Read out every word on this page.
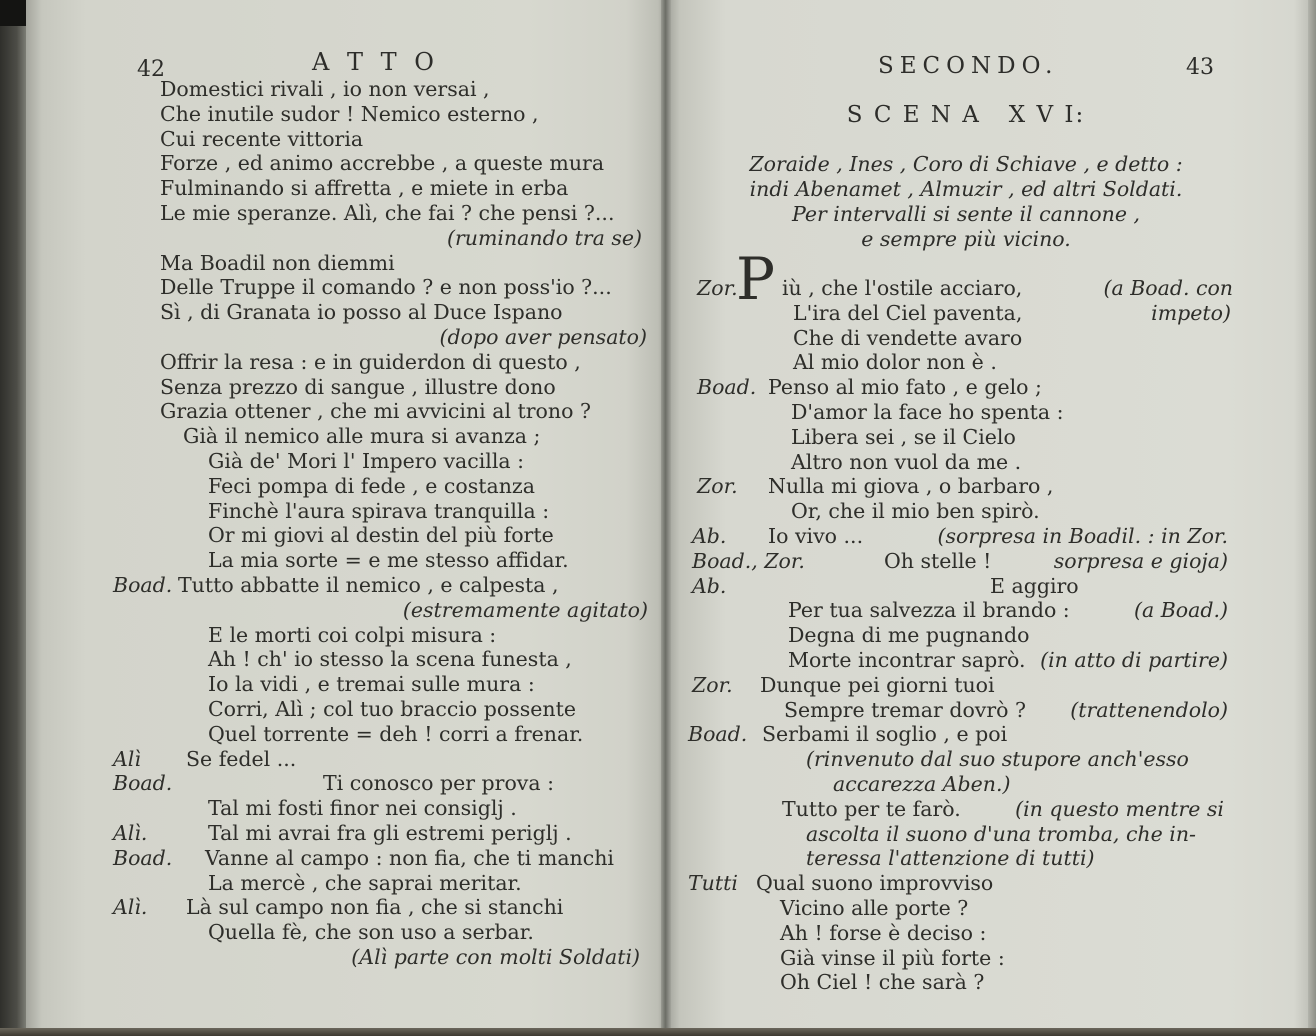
42	A T T O	SECONDO.	43
S C E N A   X V I:
Zoraide , Ines , Coro di Schiave , e detto :
indi Abenamet , Almuzir , ed altri Soldati.
Per intervalli si sente il cannone ,
e sempre più vicino.
Domestici rivali , io non versai ,
Che inutile sudor ! Nemico esterno ,
Cui recente vittoria
Forze , ed animo accrebbe , a queste mura
Fulminando si affretta , e miete in erba
Le mie speranze. Alì, che fai ? che pensi ?...
(ruminando tra se)
Ma Boadil non diemmi
Delle Truppe il comando ? e non poss'io ?...
Sì , di Granata io posso al Duce Ispano
(dopo aver pensato)
Offrir la resa : e in guiderdon di questo ,
Senza prezzo di sangue , illustre dono
Grazia ottener , che mi avvicini al trono ?
Già il nemico alle mura si avanza ;
Già de' Mori l' Impero vacilla :
Feci pompa di fede , e costanza
Finchè l'aura spirava tranquilla :
Or mi giovi al destin del più forte
La mia sorte = e me stesso affidar.
Boad. Tutto abbatte il nemico , e calpesta ,
(estremamente agitato)
E le morti coi colpi misura :
Ah ! ch' io stesso la scena funesta ,
Io la vidi , e tremai sulle mura :
Corri, Alì ; col tuo braccio possente
Quel torrente = deh ! corri a frenar.
Alì Se fedel ...
Boad.	Ti conosco per prova :
Tal mi fosti finor nei consiglj .
Alì.	Tal mi avrai fra gli estremi periglj .
Boad. Vanne al campo : non fia, che ti manchi
La mercè , che saprai meritar.
Alì. Là sul campo non fia , che si stanchi
Quella fè, che son uso a serbar.
(Alì parte con molti Soldati)
Zor.
P iù , che l'ostile acciaro,	(a Boad. con
L'ira del Ciel paventa,	impeto)
Che di vendette avaro
Al mio dolor non è .
Boad. Penso al mio fato , e gelo ;
D'amor la face ho spenta :
Libera sei , se il Cielo
Altro non vuol da me .
Zor. Nulla mi giova , o barbaro ,
Or, che il mio ben spirò.
Ab. Io vivo ...	(sorpresa in Boadil. : in Zor.
Boad., Zor.	Oh stelle !	sorpresa e gioja)
Ab.	E aggiro
Per tua salvezza il brando :	(a Boad.)
Degna di me pugnando
Morte incontrar saprò. (in atto di partire)
Zor. Dunque pei giorni tuoi
Sempre tremar dovrò ? (trattenendolo)
Boad. Serbami il soglio , e poi
(rinvenuto dal suo stupore anch'esso
accarezza Aben.)
Tutto per te farò.	(in questo mentre si
ascolta il suono d'una tromba, che in-
teressa l'attenzione di tutti)
Tutti Qual suono improvviso
Vicino alle porte ?
Ah ! forse è deciso :
Già vinse il più forte :
Oh Ciel ! che sarà ?
